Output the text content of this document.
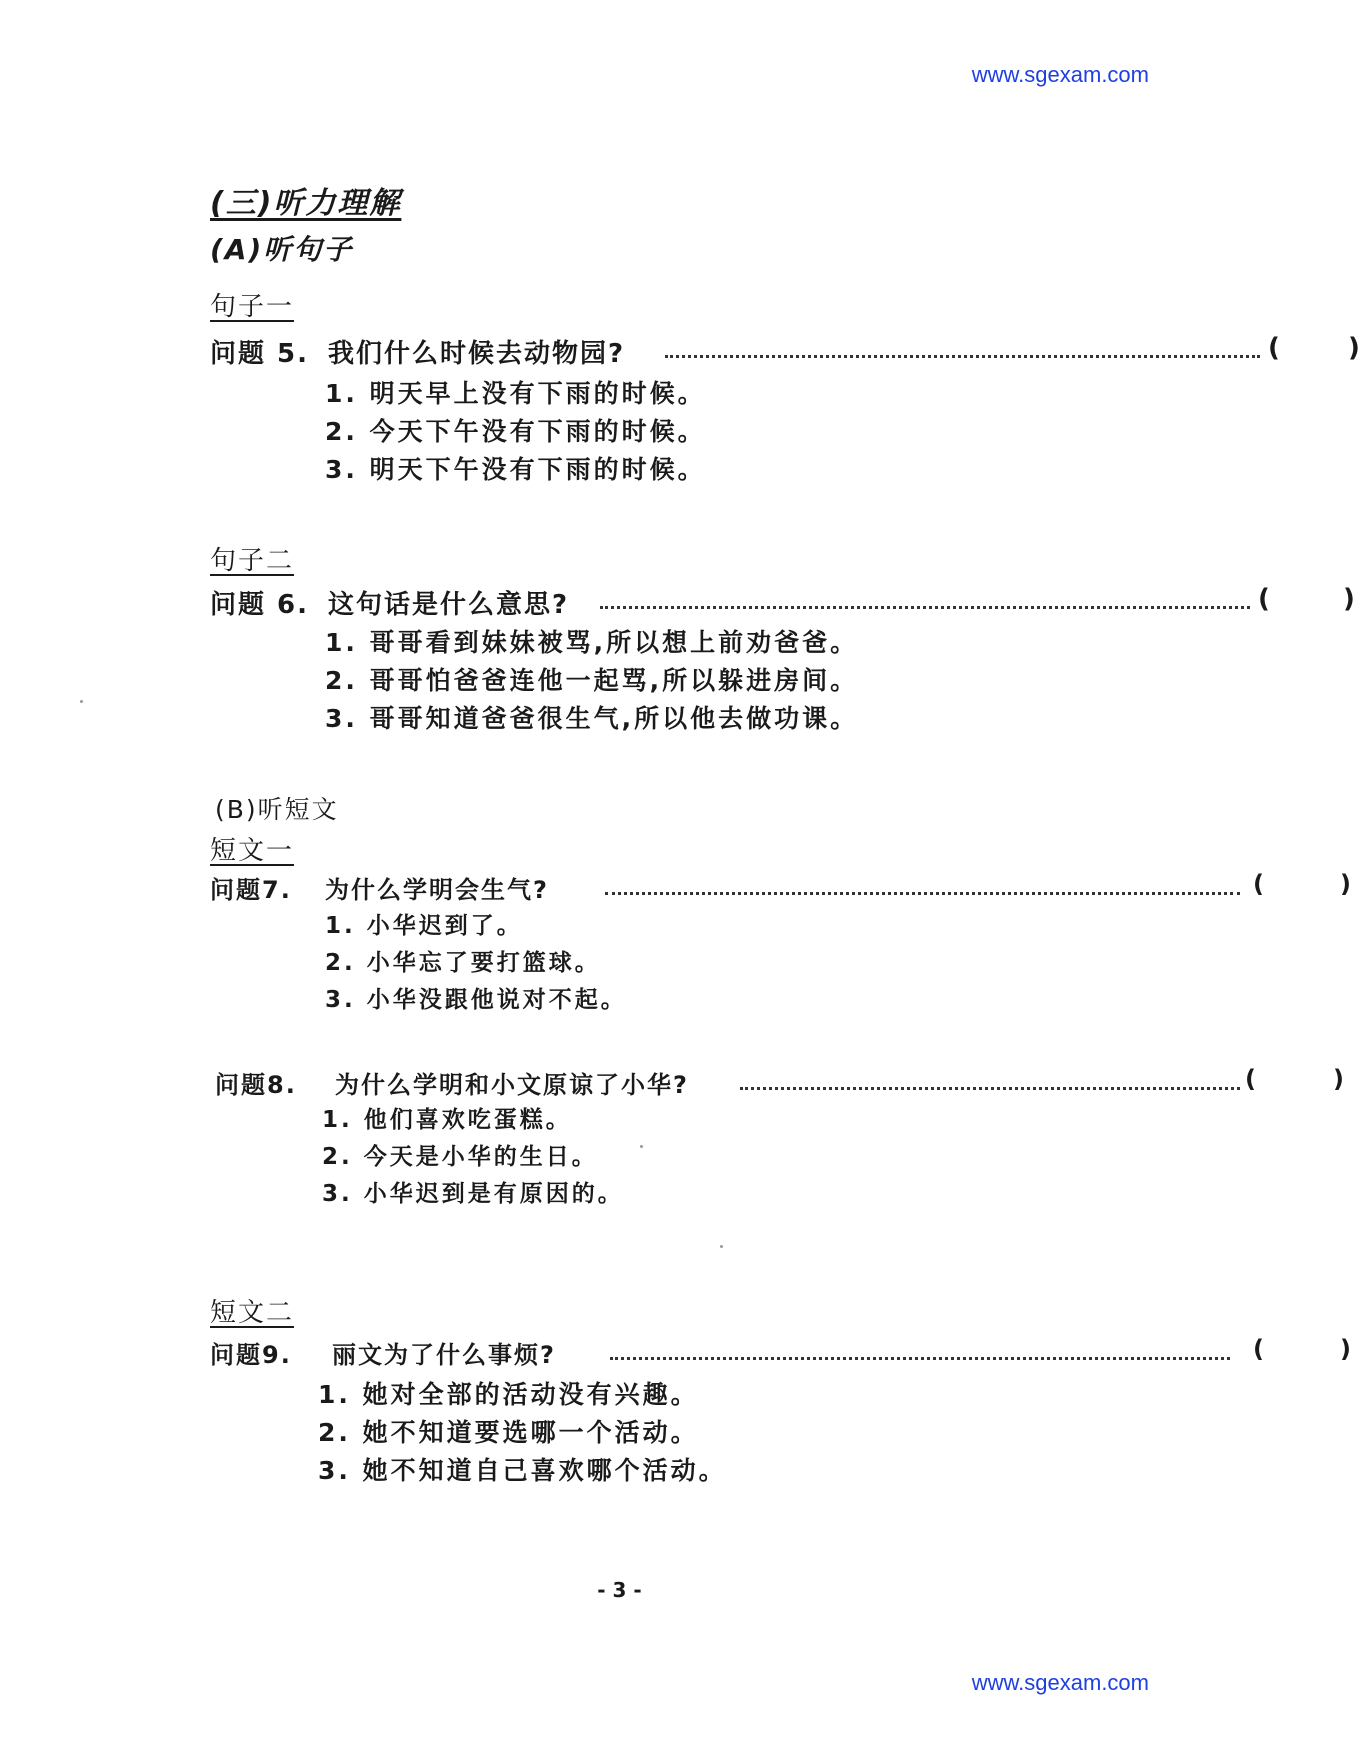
www.sgexam.com
(三)听力理解
(A)听句子
句子一
问题 5. 我们什么时候去动物园?	(	)
1. 明天早上没有下雨的时候。
2. 今天下午没有下雨的时候。
3. 明天下午没有下雨的时候。
句子二
问题 6. 这句话是什么意思?	(	)
1. 哥哥看到妹妹被骂,所以想上前劝爸爸。
2. 哥哥怕爸爸连他一起骂,所以躲进房间。
3. 哥哥知道爸爸很生气,所以他去做功课。
(B)听短文
短文一
问题7. 为什么学明会生气?	(	)
1. 小华迟到了。
2. 小华忘了要打篮球。
3. 小华没跟他说对不起。
问题8. 为什么学明和小文原谅了小华?	(	)
1. 他们喜欢吃蛋糕。
2. 今天是小华的生日。
3. 小华迟到是有原因的。
短文二
问题9. 丽文为了什么事烦?	(	)
1. 她对全部的活动没有兴趣。
2. 她不知道要选哪一个活动。
3. 她不知道自己喜欢哪个活动。
- 3 -
www.sgexam.com
